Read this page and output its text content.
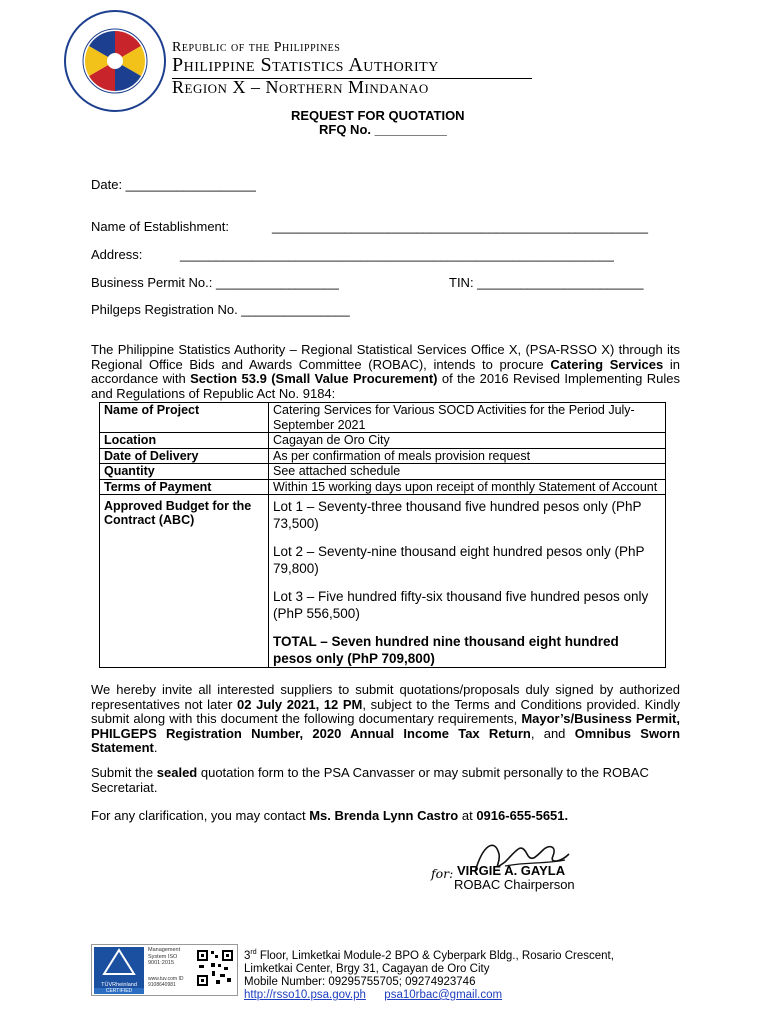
Republic of the Philippines
Philippine Statistics Authority
Region X – Northern Mindanao
REQUEST FOR QUOTATION
RFQ No. __________
Date: __________________
Name of Establishment:	____________________________________________________
Address:	____________________________________________________________
Business Permit No.: _________________	TIN: _______________________
Philgeps Registration No. _______________
The Philippine Statistics Authority – Regional Statistical Services Office X, (PSA-RSSO X) through its Regional Office Bids and Awards Committee (ROBAC), intends to procure Catering Services in accordance with Section 53.9 (Small Value Procurement) of the 2016 Revised Implementing Rules and Regulations of Republic Act No. 9184:
Name of Project	Catering Services for Various SOCD Activities for the Period July-September 2021
Location	Cagayan de Oro City
Date of Delivery	As per confirmation of meals provision request
Quantity	See attached schedule
Terms of Payment	Within 15 working days upon receipt of monthly Statement of Account
Approved Budget for the Contract (ABC)	Lot 1 – Seventy-three thousand five hundred pesos only (PhP 73,500)
Lot 2 – Seventy-nine thousand eight hundred pesos only (PhP 79,800)
Lot 3 – Five hundred fifty-six thousand five hundred pesos only (PhP 556,500)
TOTAL – Seven hundred nine thousand eight hundred pesos only (PhP 709,800)
We hereby invite all interested suppliers to submit quotations/proposals duly signed by authorized representatives not later 02 July 2021, 12 PM, subject to the Terms and Conditions provided. Kindly submit along with this document the following documentary requirements, Mayor’s/Business Permit, PHILGEPS Registration Number, 2020 Annual Income Tax Return, and Omnibus Sworn Statement.
Submit the sealed quotation form to the PSA Canvasser or may submit personally to the ROBAC Secretariat.
For any clarification, you may contact Ms. Brenda Lynn Castro at 0916-655-5651.
for: VIRGIE A. GAYLA
ROBAC Chairperson
TÜVRheinland
CERTIFIED
Management System ISO 9001:2015
www.tuv.com ID 9108640981
3rd Floor, Limketkai Module-2 BPO & Cyberpark Bldg., Rosario Crescent,
Limketkai Center, Brgy 31, Cagayan de Oro City
Mobile Number: 09295755705; 09274923746
http://rsso10.psa.gov.ph psa10rbac@gmail.com
